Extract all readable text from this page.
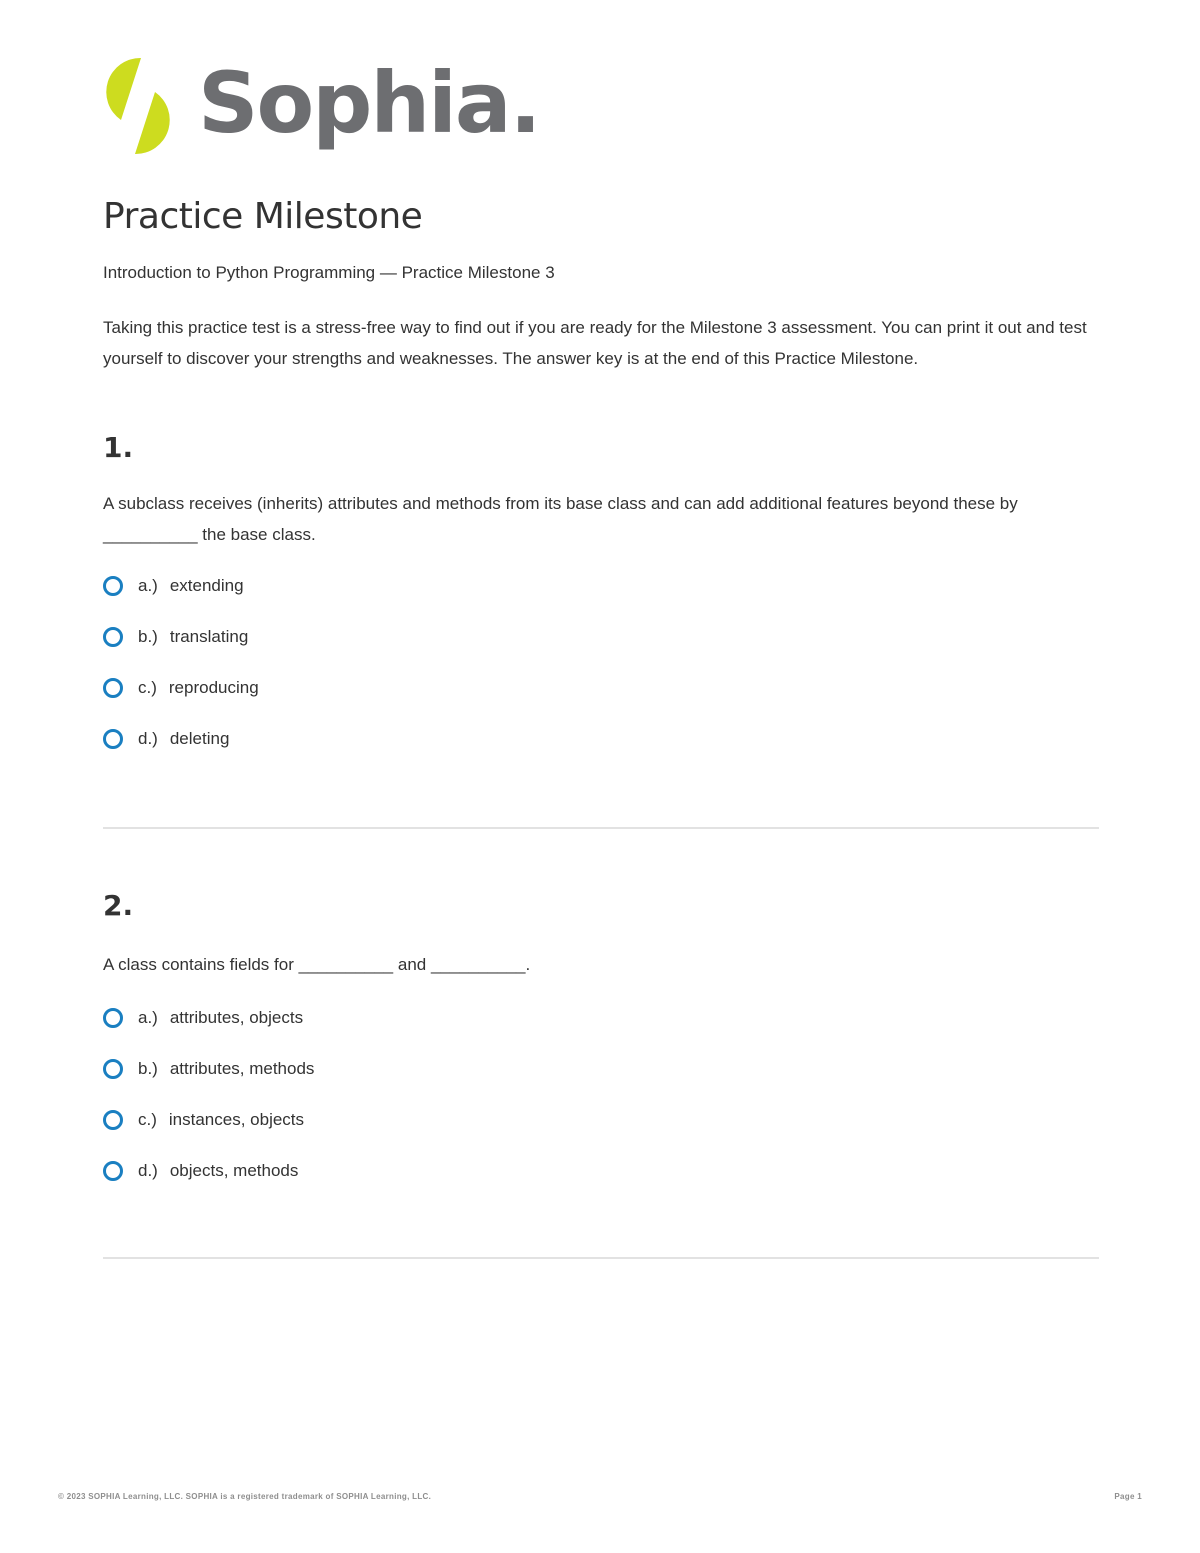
Sophia.
Practice Milestone

Introduction to Python Programming — Practice Milestone 3

Taking this practice test is a stress-free way to find out if you are ready for the Milestone 3 assessment. You can print it out and test yourself to discover your strengths and weaknesses. The answer key is at the end of this Practice Milestone.

1.

A subclass receives (inherits) attributes and methods from its base class and can add additional features beyond these by __________ the base class.

a.) extending
b.) translating
c.) reproducing
d.) deleting
2.

A class contains fields for __________ and __________.

a.) attributes, objects
b.) attributes, methods
c.) instances, objects
d.) objects, methods
© 2023 SOPHIA Learning, LLC. SOPHIA is a registered trademark of SOPHIA Learning, LLC.	Page 1
